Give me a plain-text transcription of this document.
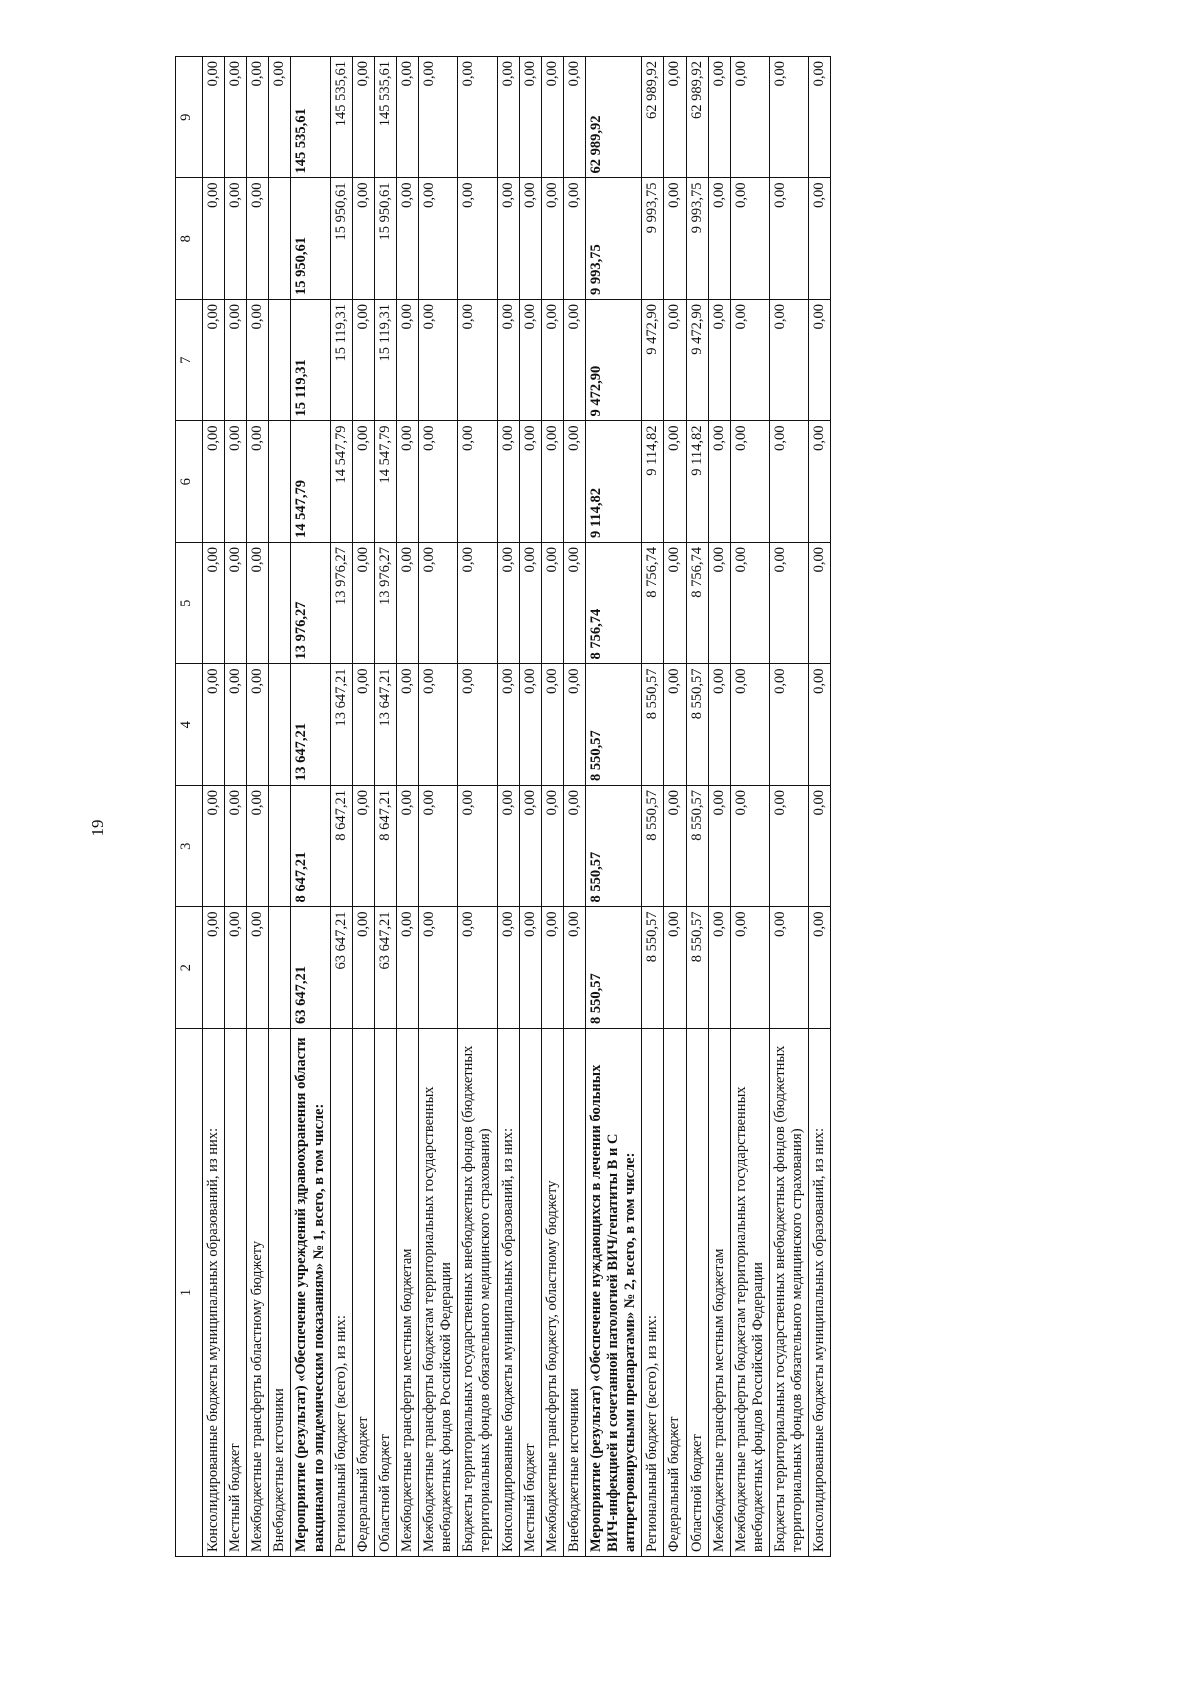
19
1	2	3	4	5	6	7	8	9
Консолидированные бюджеты муниципальных образований, из них:	0,00	0,00	0,00	0,00	0,00	0,00	0,00	0,00
Местный бюджет	0,00	0,00	0,00	0,00	0,00	0,00	0,00	0,00
Межбюджетные трансферты областному бюджету	0,00	0,00	0,00	0,00	0,00	0,00	0,00	0,00
Внебюджетные источники								0,00
Мероприятие (результат) «Обеспечение учреждений здравоохранения области вакцинами по эпидемическим показаниям» № 1, всего, в том числе:	63 647,21	8 647,21	13 647,21	13 976,27	14 547,79	15 119,31	15 950,61	145 535,61
Региональный бюджет (всего), из них:	63 647,21	8 647,21	13 647,21	13 976,27	14 547,79	15 119,31	15 950,61	145 535,61
Федеральный бюджет	0,00	0,00	0,00	0,00	0,00	0,00	0,00	0,00
Областной бюджет	63 647,21	8 647,21	13 647,21	13 976,27	14 547,79	15 119,31	15 950,61	145 535,61
Межбюджетные трансферты местным бюджетам	0,00	0,00	0,00	0,00	0,00	0,00	0,00	0,00
Межбюджетные трансферты бюджетам территориальных государственных внебюджетных фондов Российской Федерации	0,00	0,00	0,00	0,00	0,00	0,00	0,00	0,00
Бюджеты территориальных государственных внебюджетных фондов (бюджетных территориальных фондов обязательного медицинского страхования)	0,00	0,00	0,00	0,00	0,00	0,00	0,00	0,00
Консолидированные бюджеты муниципальных образований, из них:	0,00	0,00	0,00	0,00	0,00	0,00	0,00	0,00
Местный бюджет	0,00	0,00	0,00	0,00	0,00	0,00	0,00	0,00
Межбюджетные трансферты бюджету, областному бюджету	0,00	0,00	0,00	0,00	0,00	0,00	0,00	0,00
Внебюджетные источники	0,00	0,00	0,00	0,00	0,00	0,00	0,00	0,00
Мероприятие (результат) «Обеспечение нуждающихся в лечении больных ВИЧ-инфекцией и сочетанной патологией ВИЧ/гепатиты В и С антиретровирусными препаратами» № 2, всего, в том числе:	8 550,57	8 550,57	8 550,57	8 756,74	9 114,82	9 472,90	9 993,75	62 989,92
Региональный бюджет (всего), из них:	8 550,57	8 550,57	8 550,57	8 756,74	9 114,82	9 472,90	9 993,75	62 989,92
Федеральный бюджет	0,00	0,00	0,00	0,00	0,00	0,00	0,00	0,00
Областной бюджет	8 550,57	8 550,57	8 550,57	8 756,74	9 114,82	9 472,90	9 993,75	62 989,92
Межбюджетные трансферты местным бюджетам	0,00	0,00	0,00	0,00	0,00	0,00	0,00	0,00
Межбюджетные трансферты бюджетам территориальных государственных внебюджетных фондов Российской Федерации	0,00	0,00	0,00	0,00	0,00	0,00	0,00	0,00
Бюджеты территориальных государственных внебюджетных фондов (бюджетных территориальных фондов обязательного медицинского страхования)	0,00	0,00	0,00	0,00	0,00	0,00	0,00	0,00
Консолидированные бюджеты муниципальных образований, из них:	0,00	0,00	0,00	0,00	0,00	0,00	0,00	0,00
